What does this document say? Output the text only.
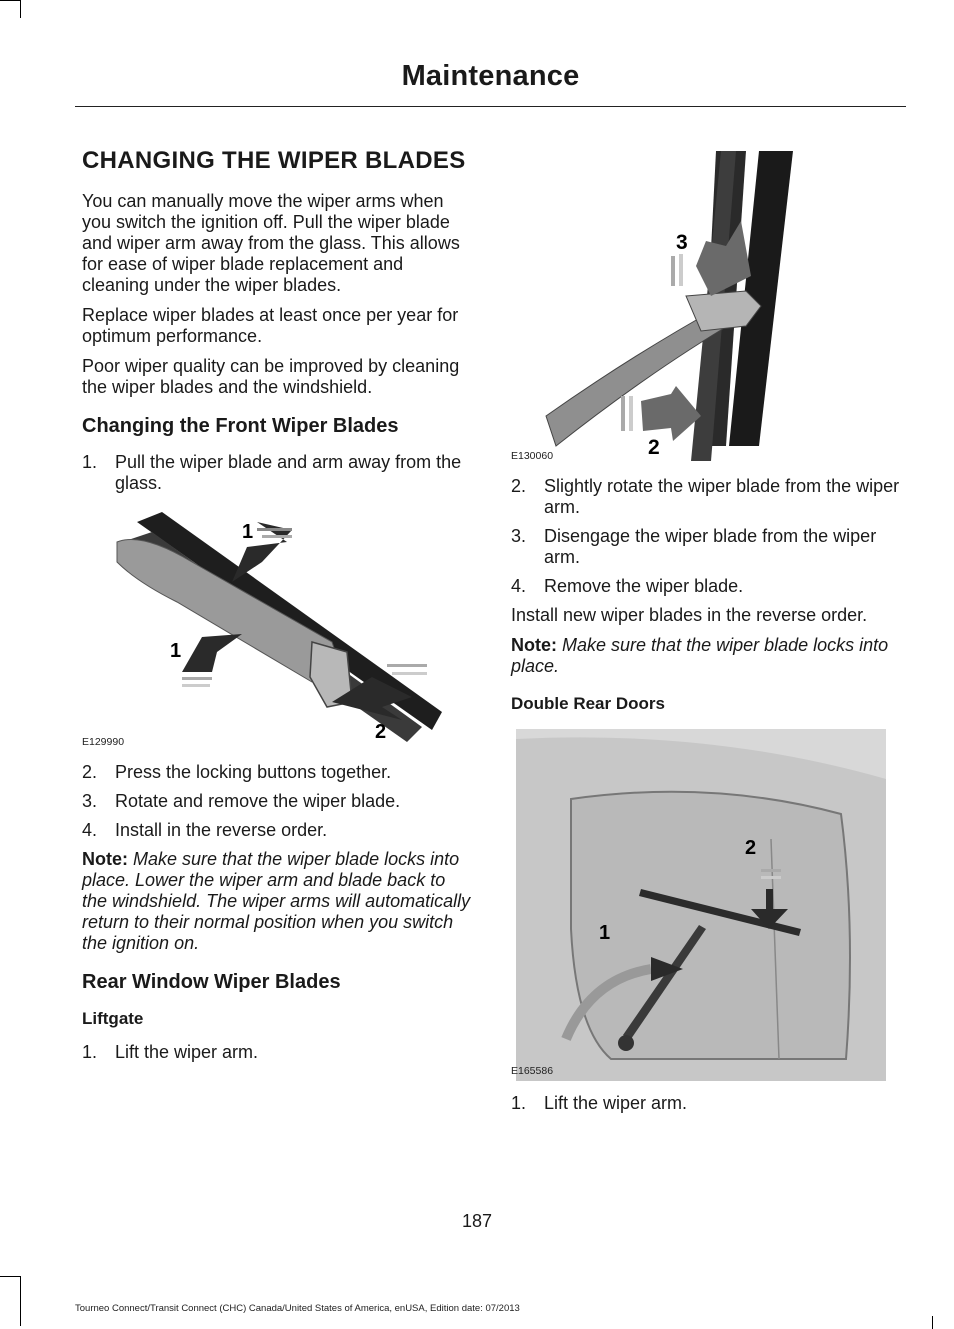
Maintenance
CHANGING THE WIPER BLADES

You can manually move the wiper arms when you switch the ignition off. Pull the wiper blade and wiper arm away from the glass. This allows for ease of wiper blade replacement and cleaning under the wiper blades.

Replace wiper blades at least once per year for optimum performance.

Poor wiper quality can be improved by cleaning the wiper blades and the windshield.

Changing the Front Wiper Blades
1. Pull the wiper blade and arm away from the glass.
1
1
2
E129990
2. Press the locking buttons together.
3. Rotate and remove the wiper blade.
4. Install in the reverse order.

Note: Make sure that the wiper blade locks into place. Lower the wiper arm and blade back to the windshield. The wiper arms will automatically return to their normal position when you switch the ignition on.

Rear Window Wiper Blades
Liftgate
1. Lift the wiper arm.
3
2
E130060
2. Slightly rotate the wiper blade from the wiper arm.
3. Disengage the wiper blade from the wiper arm.
4. Remove the wiper blade.

Install new wiper blades in the reverse order.

Note: Make sure that the wiper blade locks into place.

Double Rear Doors
2
1
E165586
1. Lift the wiper arm.
187
Tourneo Connect/Transit Connect (CHC) Canada/United States of America, enUSA, Edition date: 07/2013
